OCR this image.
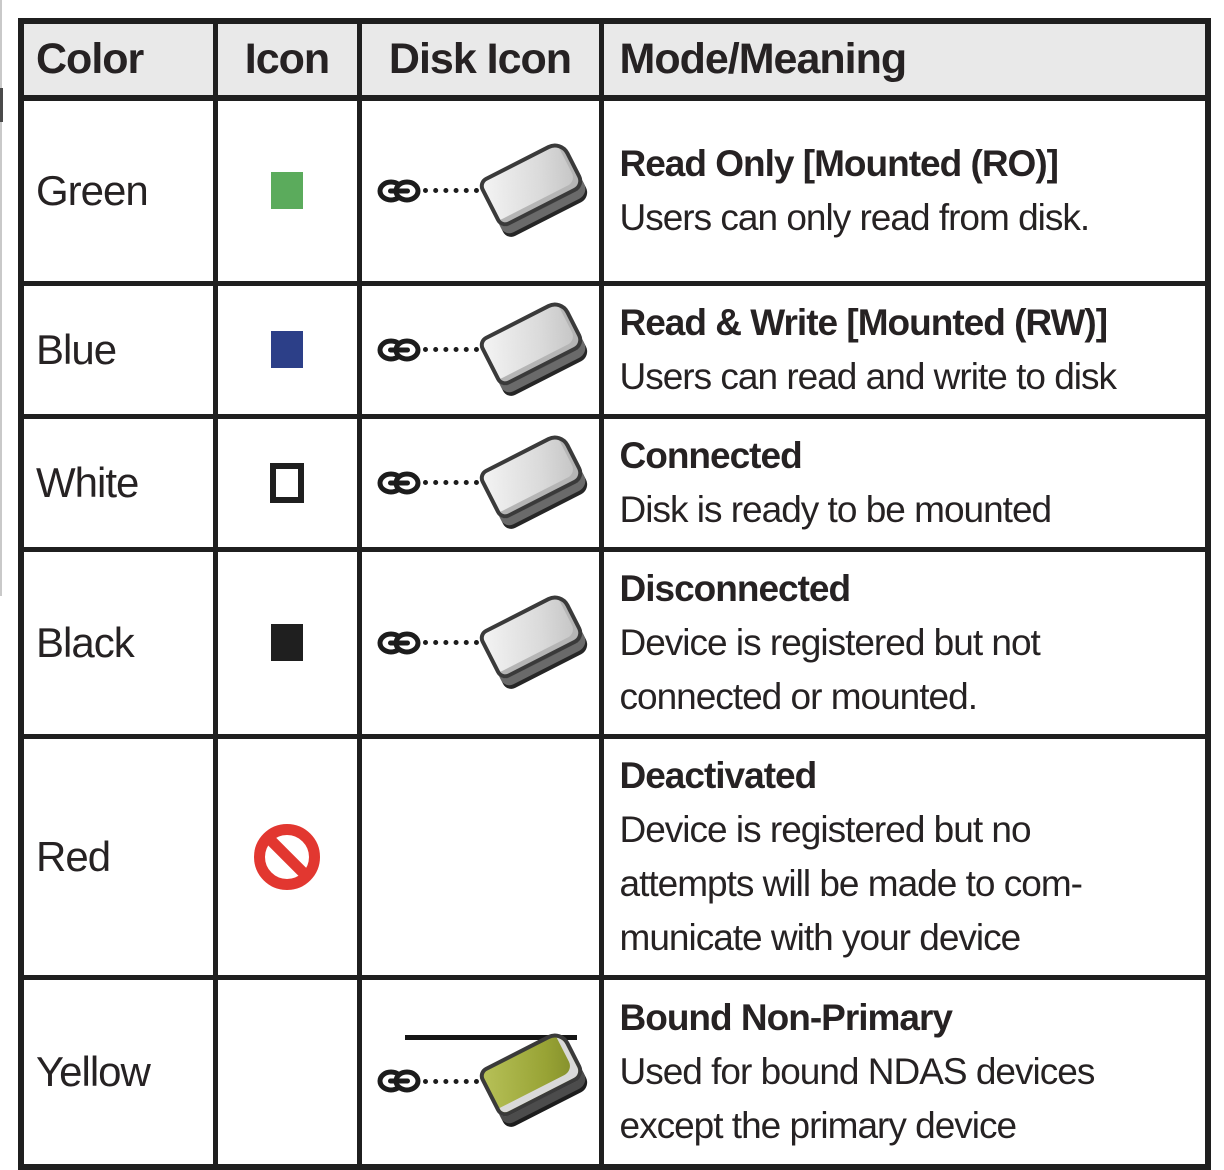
Color	Icon	Disk Icon	Mode/Meaning
Green			Read Only [Mounted (RO)]
Users can only read from disk.

Blue			Read & Write [Mounted (RW)]
Users can read and write to disk

White			Connected
Disk is ready to be mounted

Black			Disconnected
Device is registered but not
connected or mounted.

Red			Deactivated
Device is registered but no
attempts will be made to com-
municate with your device

Yellow			Bound Non-Primary
Used for bound NDAS devices
except the primary device
